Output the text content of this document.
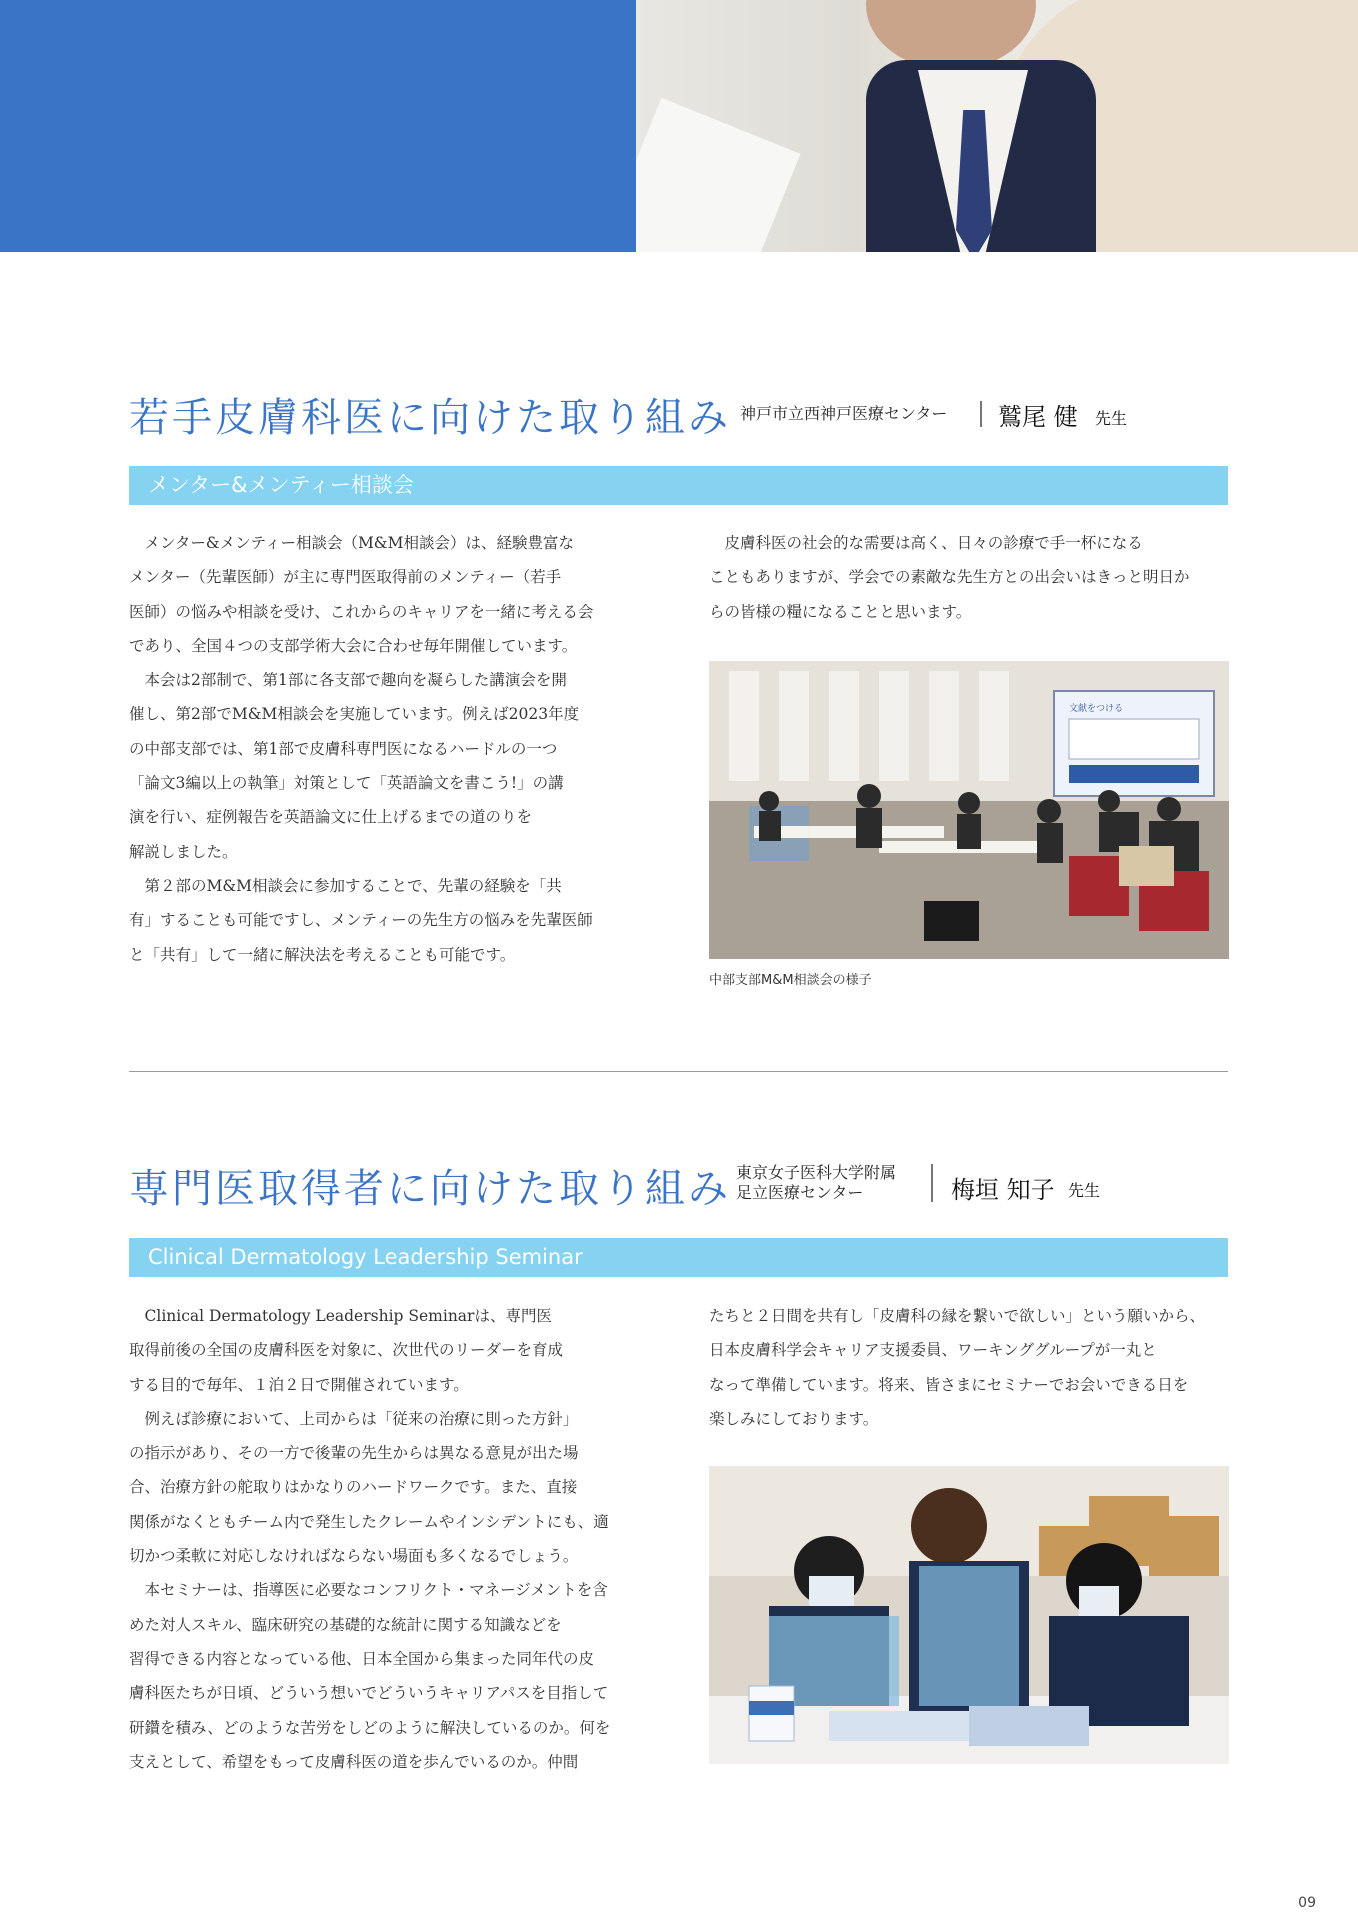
若手皮膚科医に向けた取り組み 神戸市立西神戸医療センター 鷲尾 健 先生
メンター&メンティー相談会
メンター&メンティー相談会（M&M相談会）は、経験豊富な
メンター（先輩医師）が主に専門医取得前のメンティー（若手
医師）の悩みや相談を受け、これからのキャリアを一緒に考える会
であり、全国４つの支部学術大会に合わせ毎年開催しています。
本会は2部制で、第1部に各支部で趣向を凝らした講演会を開
催し、第2部でM&M相談会を実施しています。例えば2023年度
の中部支部では、第1部で皮膚科専門医になるハードルの一つ
「論文3編以上の執筆」対策として「英語論文を書こう!」の講
演を行い、症例報告を英語論文に仕上げるまでの道のりを
解説しました。
第２部のM&M相談会に参加することで、先輩の経験を「共
有」することも可能ですし、メンティーの先生方の悩みを先輩医師
と「共有」して一緒に解決法を考えることも可能です。
皮膚科医の社会的な需要は高く、日々の診療で手一杯になる
こともありますが、学会での素敵な先生方との出会いはきっと明日か
らの皆様の糧になることと思います。
文献をつける
中部支部M&M相談会の様子
専門医取得者に向けた取り組み 東京女子医科大学附属
足立医療センター	梅垣 知子 先生
Clinical Dermatology Leadership Seminar
Clinical Dermatology Leadership Seminarは、専門医
取得前後の全国の皮膚科医を対象に、次世代のリーダーを育成
する目的で毎年、１泊２日で開催されています。
例えば診療において、上司からは「従来の治療に則った方針」
の指示があり、その一方で後輩の先生からは異なる意見が出た場
合、治療方針の舵取りはかなりのハードワークです。また、直接
関係がなくともチーム内で発生したクレームやインシデントにも、適
切かつ柔軟に対応しなければならない場面も多くなるでしょう。
本セミナーは、指導医に必要なコンフリクト・マネージメントを含
めた対人スキル、臨床研究の基礎的な統計に関する知識などを
習得できる内容となっている他、日本全国から集まった同年代の皮
膚科医たちが日頃、どういう想いでどういうキャリアパスを目指して
研鑽を積み、どのような苦労をしどのように解決しているのか。何を
支えとして、希望をもって皮膚科医の道を歩んでいるのか。仲間
たちと２日間を共有し「皮膚科の縁を繋いで欲しい」という願いから、
日本皮膚科学会キャリア支援委員、ワーキンググループが一丸と
なって準備しています。将来、皆さまにセミナーでお会いできる日を
楽しみにしております。
09
